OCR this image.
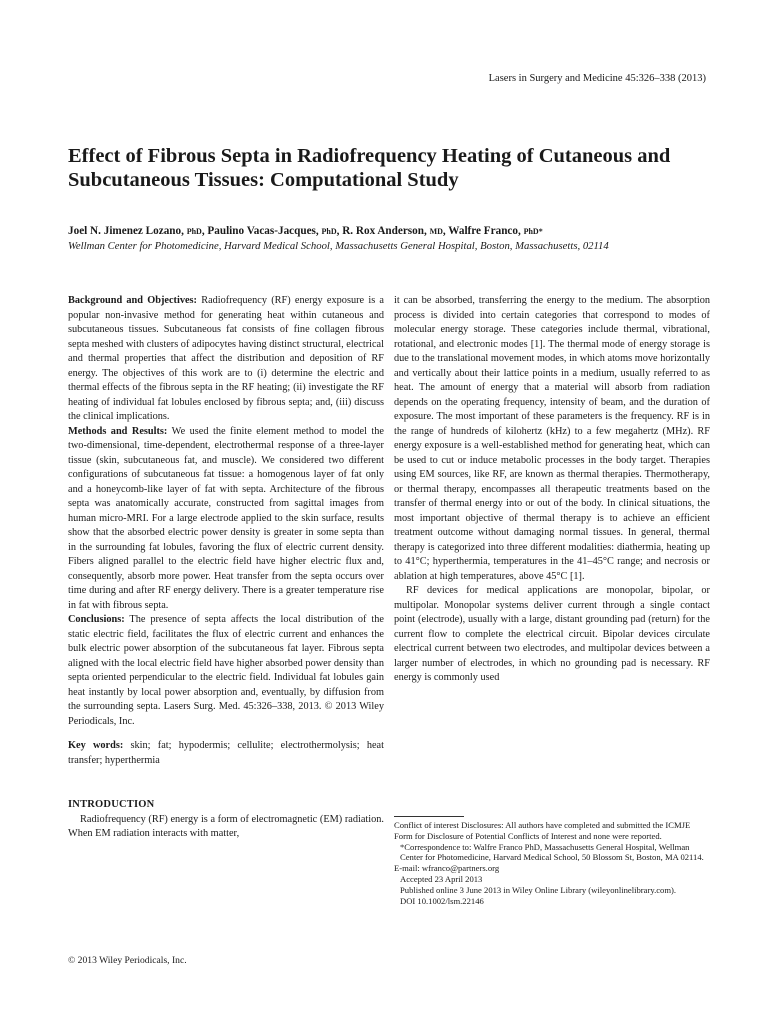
Lasers in Surgery and Medicine 45:326–338 (2013)
Effect of Fibrous Septa in Radiofrequency Heating of Cutaneous and Subcutaneous Tissues: Computational Study
Joel N. Jimenez Lozano, PhD, Paulino Vacas-Jacques, PhD, R. Rox Anderson, MD, Walfre Franco, PhD*
Wellman Center for Photomedicine, Harvard Medical School, Massachusetts General Hospital, Boston, Massachusetts, 02114

Background and Objectives: Radiofrequency (RF) energy exposure is a popular non-invasive method for generating heat within cutaneous and subcutaneous tissues. Subcutaneous fat consists of fine collagen fibrous septa meshed with clusters of adipocytes having distinct structural, electrical and thermal properties that affect the distribution and deposition of RF energy. The objectives of this work are to (i) determine the electric and thermal effects of the fibrous septa in the RF heating; (ii) investigate the RF heating of individual fat lobules enclosed by fibrous septa; and, (iii) discuss the clinical implications.

Methods and Results: We used the finite element method to model the two-dimensional, time-dependent, electrothermal response of a three-layer tissue (skin, subcutaneous fat, and muscle). We considered two different configurations of subcutaneous fat tissue: a homogenous layer of fat only and a honeycomb-like layer of fat with septa. Architecture of the fibrous septa was anatomically accurate, constructed from sagittal images from human micro-MRI. For a large electrode applied to the skin surface, results show that the absorbed electric power density is greater in some septa than in the surrounding fat lobules, favoring the flux of electric current density. Fibers aligned parallel to the electric field have higher electric flux and, consequently, absorb more power. Heat transfer from the septa occurs over time during and after RF energy delivery. There is a greater temperature rise in fat with fibrous septa.

Conclusions: The presence of septa affects the local distribution of the static electric field, facilitates the flux of electric current and enhances the bulk electric power absorption of the subcutaneous fat layer. Fibrous septa aligned with the local electric field have higher absorbed power density than septa oriented perpendicular to the electric field. Individual fat lobules gain heat instantly by local power absorption and, eventually, by diffusion from the surrounding septa. Lasers Surg. Med. 45:326–338, 2013. © 2013 Wiley Periodicals, Inc.

Key words: skin; fat; hypodermis; cellulite; electrothermolysis; heat transfer; hyperthermia

INTRODUCTION

Radiofrequency (RF) energy is a form of electromagnetic (EM) radiation. When EM radiation interacts with matter,

it can be absorbed, transferring the energy to the medium. The absorption process is divided into certain categories that correspond to modes of molecular energy storage. These categories include thermal, vibrational, rotational, and electronic modes [1]. The thermal mode of energy storage is due to the translational movement modes, in which atoms move horizontally and vertically about their lattice points in a medium, usually referred to as heat. The amount of energy that a material will absorb from radiation depends on the operating frequency, intensity of beam, and the duration of exposure. The most important of these parameters is the frequency. RF is in the range of hundreds of kilohertz (kHz) to a few megahertz (MHz). RF energy exposure is a well-established method for generating heat, which can be used to cut or induce metabolic processes in the body target. Therapies using EM sources, like RF, are known as thermal therapies. Thermotherapy, or thermal therapy, encompasses all therapeutic treatments based on the transfer of thermal energy into or out of the body. In clinical situations, the most important objective of thermal therapy is to achieve an efficient treatment outcome without damaging normal tissues. In general, thermal therapy is categorized into three different modalities: diathermia, heating up to 41°C; hyperthermia, temperatures in the 41–45°C range; and necrosis or ablation at high temperatures, above 45°C [1].

RF devices for medical applications are monopolar, bipolar, or multipolar. Monopolar systems deliver current through a single contact point (electrode), usually with a large, distant grounding pad (return) for the current flow to complete the electrical circuit. Bipolar devices circulate electrical current between two electrodes, and multipolar devices between a larger number of electrodes, in which no grounding pad is necessary. RF energy is commonly used

Conflict of interest Disclosures: All authors have completed and submitted the ICMJE Form for Disclosure of Potential Conflicts of Interest and none were reported.

*Correspondence to: Walfre Franco PhD, Massachusetts General Hospital, Wellman Center for Photomedicine, Harvard Medical School, 50 Blossom St, Boston, MA 02114.

E-mail: wfranco@partners.org

Accepted 23 April 2013

Published online 3 June 2013 in Wiley Online Library (wileyonlinelibrary.com).

DOI 10.1002/lsm.22146

© 2013 Wiley Periodicals, Inc.
